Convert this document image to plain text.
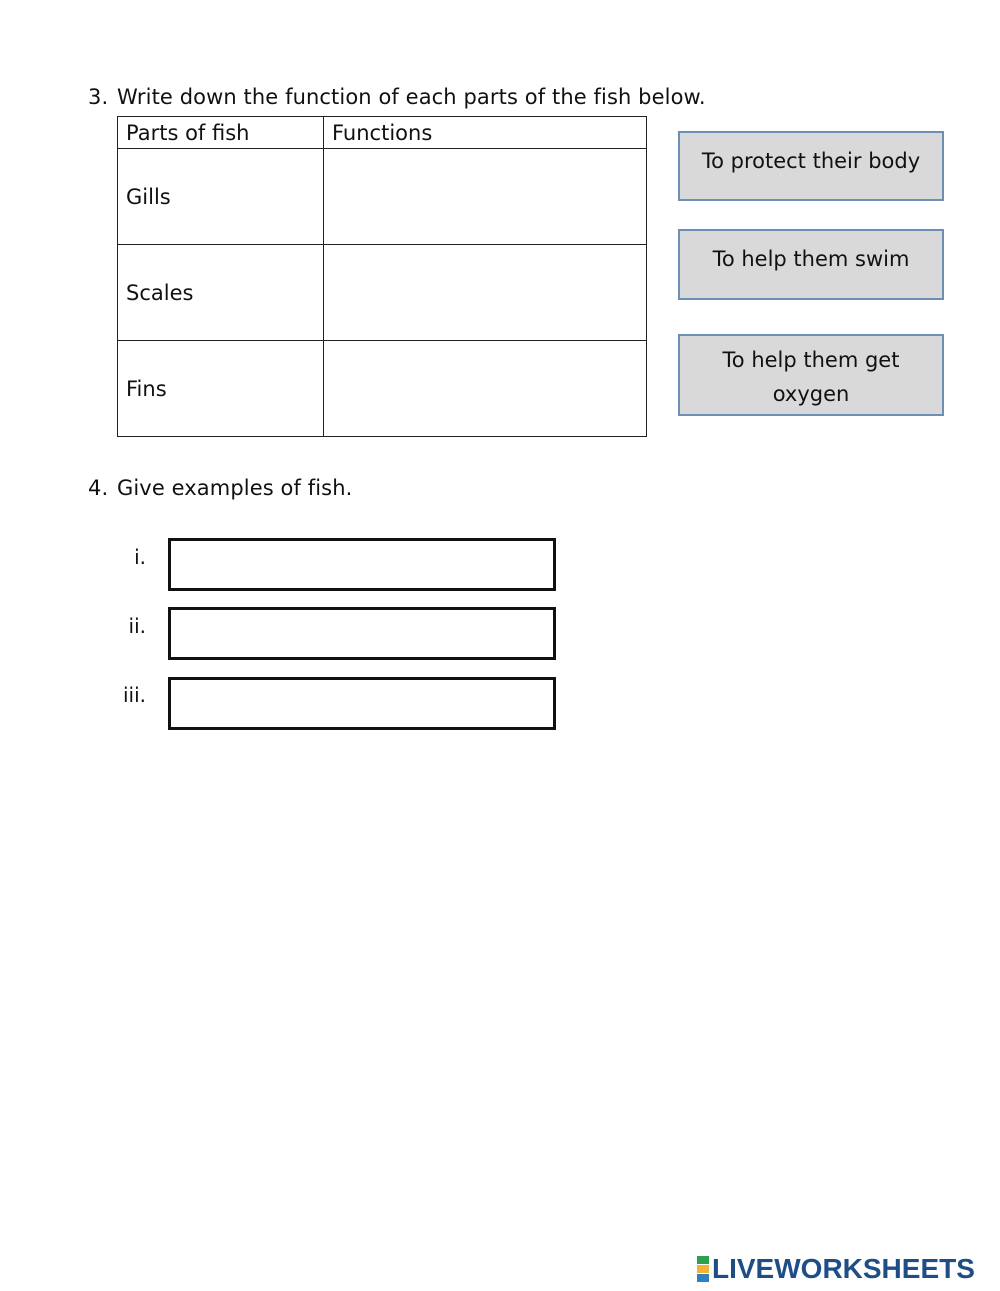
3. Write down the function of each parts of the fish below.
Parts of fish	Functions
Gills	
Scales	
Fins	
To protect their body
To help them swim
To help them get oxygen
4. Give examples of fish.
i.
ii.
iii.
LIVEWORKSHEETS
